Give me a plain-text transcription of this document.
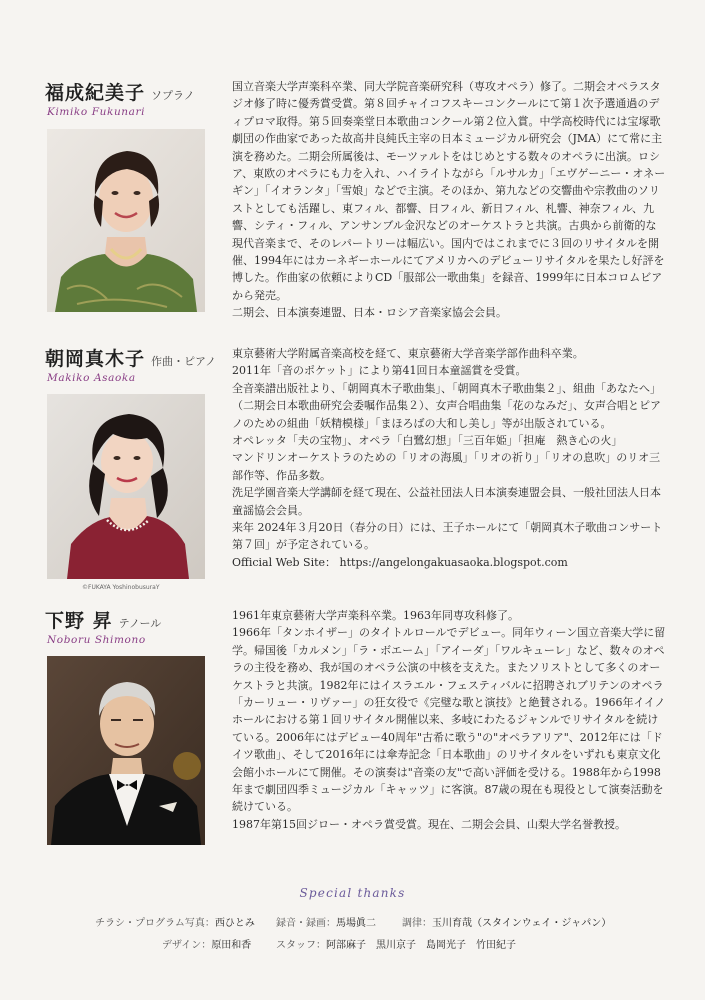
福成紀美子 ソプラノ
Kimiko Fukunari

国立音楽大学声楽科卒業、同大学院音楽研究科（専攻オペラ）修了。二期会オペラスタジオ修了時に優秀賞受賞。第８回チャイコフスキーコンクールにて第１次予選通過のディプロマ取得。第５回奏楽堂日本歌曲コンクール第２位入賞。中学高校時代には宝塚歌劇団の作曲家であった故高井良純氏主宰の日本ミュージカル研究会（JMA）にて常に主演を務めた。二期会所属後は、モーツァルトをはじめとする数々のオペラに出演。ロシア、東欧のオペラにも力を入れ、ハイライトながら「ルサルカ」「エヴゲーニー・オネーギン」「イオランタ」「雪娘」などで主演。そのほか、第九などの交響曲や宗教曲のソリストとしても活躍し、東フィル、都響、日フィル、新日フィル、札響、神奈フィル、九響、シティ・フィル、アンサンブル金沢などのオーケストラと共演。古典から前衛的な現代音楽まで、そのレパートリーは幅広い。国内ではこれまでに３回のリサイタルを開催、1994年にはカーネギーホールにてアメリカへのデビューリサイタルを果たし好評を博した。作曲家の依頼によりCD「服部公一歌曲集」を録音、1999年に日本コロムビアから発売。

二期会、日本演奏連盟、日本・ロシア音楽家協会会員。

朝岡真木子 作曲・ピアノ
Makiko Asaoka
©FUKAYA YoshinobusuraY

東京藝術大学附属音楽高校を経て、東京藝術大学音楽学部作曲科卒業。

2011年「音のポケット」により第41回日本童謡賞を受賞。

全音楽譜出版社より、「朝岡真木子歌曲集」、「朝岡真木子歌曲集２」、組曲「あなたへ」（二期会日本歌曲研究会委嘱作品集２）、女声合唱曲集「花のなみだ」、女声合唱とピアノのための組曲「妖精模様」「まほろばの大和し美し」等が出版されている。

オペレッタ「夫の宝物」、オペラ「白鷺幻想」「三百年姫」「担庵　熱き心の火」

マンドリンオーケストラのための「リオの海風」「リオの祈り」「リオの息吹」のリオ三部作等、作品多数。

洗足学園音楽大学講師を経て現在、公益社団法人日本演奏連盟会員、一般社団法人日本童謡協会会員。

来年 2024年３月20日（春分の日）には、王子ホールにて「朝岡真木子歌曲コンサート第７回」が予定されている。

Official Web Site： https://angelongakuasaoka.blogspot.com

下野 昇 テノール
Noboru Shimono

1961年東京藝術大学声楽科卒業。1963年同専攻科修了。

1966年「タンホイザー」のタイトルロールでデビュー。同年ウィーン国立音楽大学に留学。帰国後「カルメン」「ラ・ボエーム」「アイーダ」「ワルキューレ」など、数々のオペラの主役を務め、我が国のオペラ公演の中核を支えた。またソリストとして多くのオーケストラと共演。1982年にはイスラエル・フェスティバルに招聘されブリテンのオペラ「カーリュー・リヴァー」の狂女役で《完璧な歌と演技》と絶賛される。1966年イイノホールにおける第１回リサイタル開催以来、多岐にわたるジャンルでリサイタルを続けている。2006年にはデビュー40周年"古希に歌う"の"オペラアリア"、2012年には「ドイツ歌曲」、そして2016年には傘寿記念「日本歌曲」のリサイタルをいずれも東京文化会館小ホールにて開催。その演奏は"音楽の友"で高い評価を受ける。1988年から1998年まで劇団四季ミュージカル「キャッツ」に客演。87歳の現在も現役として演奏活動を続けている。

1987年第15回ジロー・オペラ賞受賞。現在、二期会会員、山梨大学名誉教授。

Special thanks
チラシ・プログラム写真：西ひとみ 録音・録画：馬場眞二	調律：玉川育哉（スタインウェイ・ジャパン）
デザイン：原田和香 スタッフ：阿部麻子　黒川京子　島岡光子　竹田紀子
